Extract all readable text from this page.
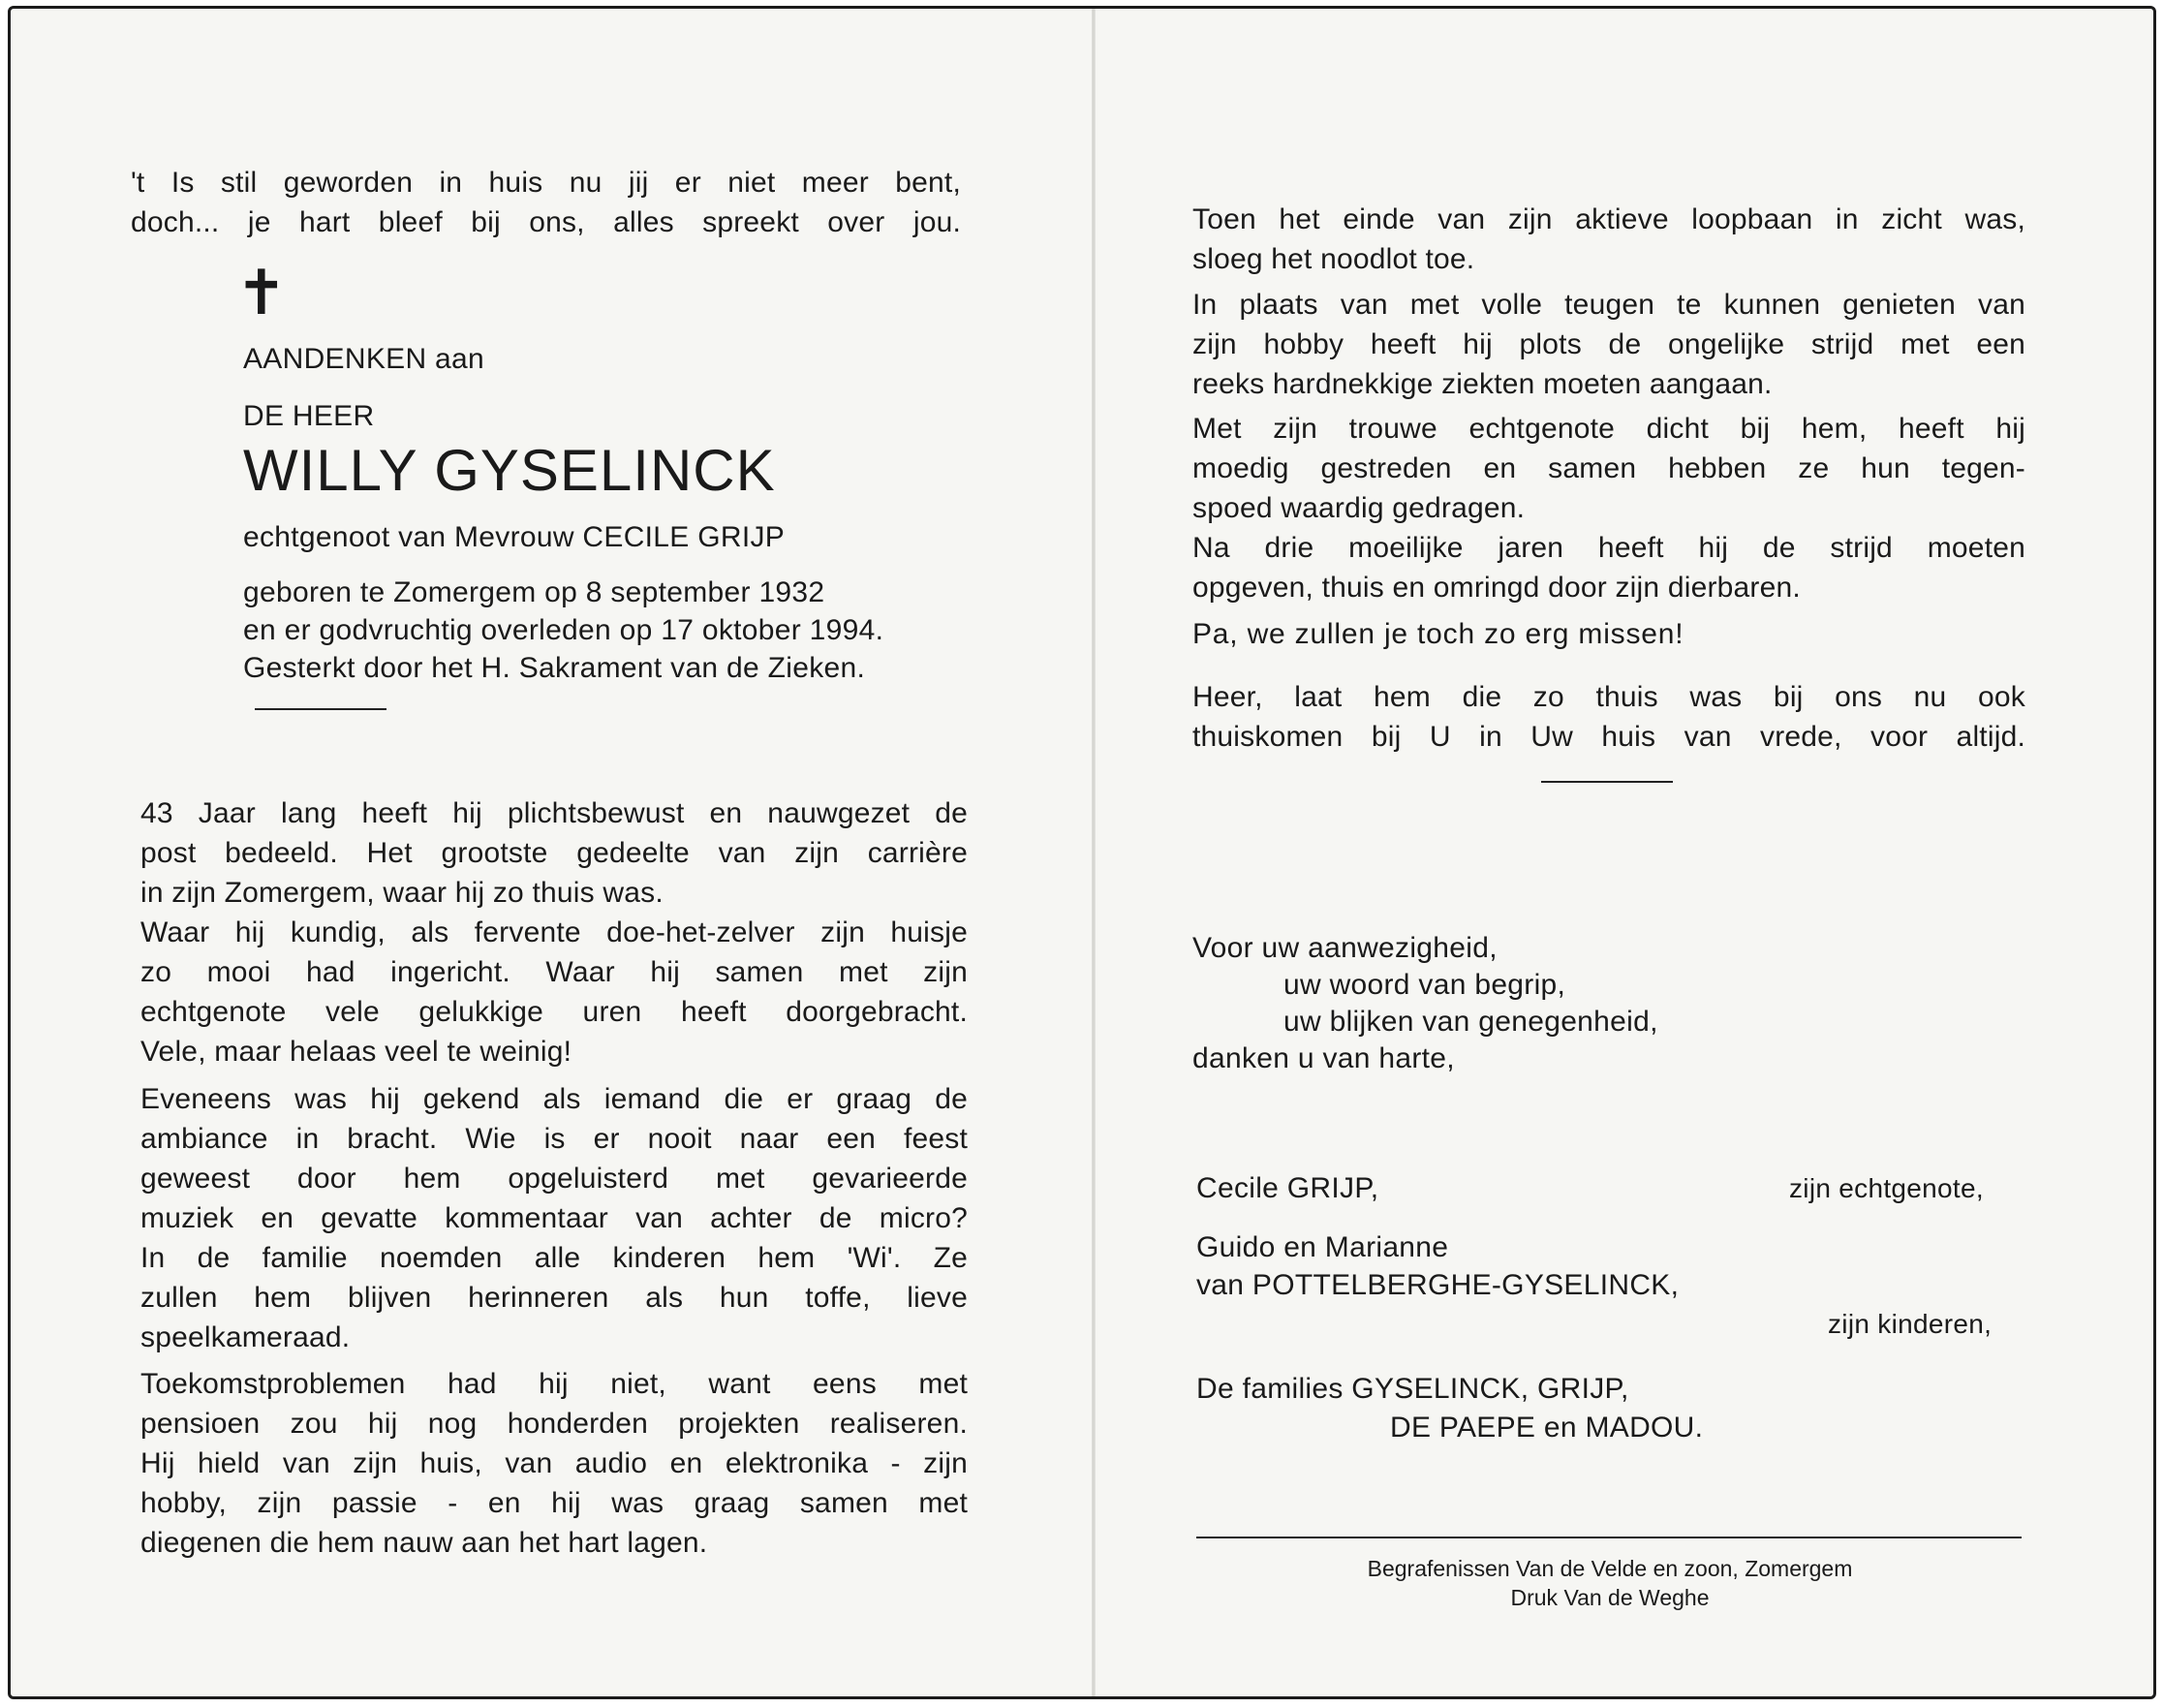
't Is stil geworden in huis nu jij er niet meer bent,
doch... je hart bleef bij ons, alles spreekt over jou.
✝
AANDENKEN aan
DE HEER
WILLY GYSELINCK
echtgenoot van Mevrouw CECILE GRIJP
geboren te Zomergem op 8 september 1932
en er godvruchtig overleden op 17 oktober 1994.
Gesterkt door het H. Sakrament van de Zieken.
43 Jaar lang heeft hij plichtsbewust en nauwgezet de
post bedeeld. Het grootste gedeelte van zijn carrière
in zijn Zomergem, waar hij zo thuis was.
Waar hij kundig, als fervente doe-het-zelver zijn huisje
zo mooi had ingericht. Waar hij samen met zijn
echtgenote vele gelukkige uren heeft doorgebracht.
Vele, maar helaas veel te weinig!
Eveneens was hij gekend als iemand die er graag de
ambiance in bracht. Wie is er nooit naar een feest
geweest door hem opgeluisterd met gevarieerde
muziek en gevatte kommentaar van achter de micro?
In de familie noemden alle kinderen hem 'Wi'. Ze
zullen hem blijven herinneren als hun toffe, lieve
speelkameraad.
Toekomstproblemen had hij niet, want eens met
pensioen zou hij nog honderden projekten realiseren.
Hij hield van zijn huis, van audio en elektronika - zijn
hobby, zijn passie - en hij was graag samen met
diegenen die hem nauw aan het hart lagen.
Toen het einde van zijn aktieve loopbaan in zicht was,
sloeg het noodlot toe.
In plaats van met volle teugen te kunnen genieten van
zijn hobby heeft hij plots de ongelijke strijd met een
reeks hardnekkige ziekten moeten aangaan.
Met zijn trouwe echtgenote dicht bij hem, heeft hij
moedig gestreden en samen hebben ze hun tegen-
spoed waardig gedragen.
Na drie moeilijke jaren heeft hij de strijd moeten
opgeven, thuis en omringd door zijn dierbaren.
Pa, we zullen je toch zo erg missen!
Heer, laat hem die zo thuis was bij ons nu ook
thuiskomen bij U in Uw huis van vrede, voor altijd.
Voor uw aanwezigheid,
uw woord van begrip,
uw blijken van genegenheid,
danken u van harte,
Cecile GRIJP,	zijn echtgenote,
Guido en Marianne
van POTTELBERGHE-GYSELINCK,
zijn kinderen,
De families GYSELINCK, GRIJP,
DE PAEPE en MADOU.
Begrafenissen Van de Velde en zoon, Zomergem
Druk Van de Weghe
